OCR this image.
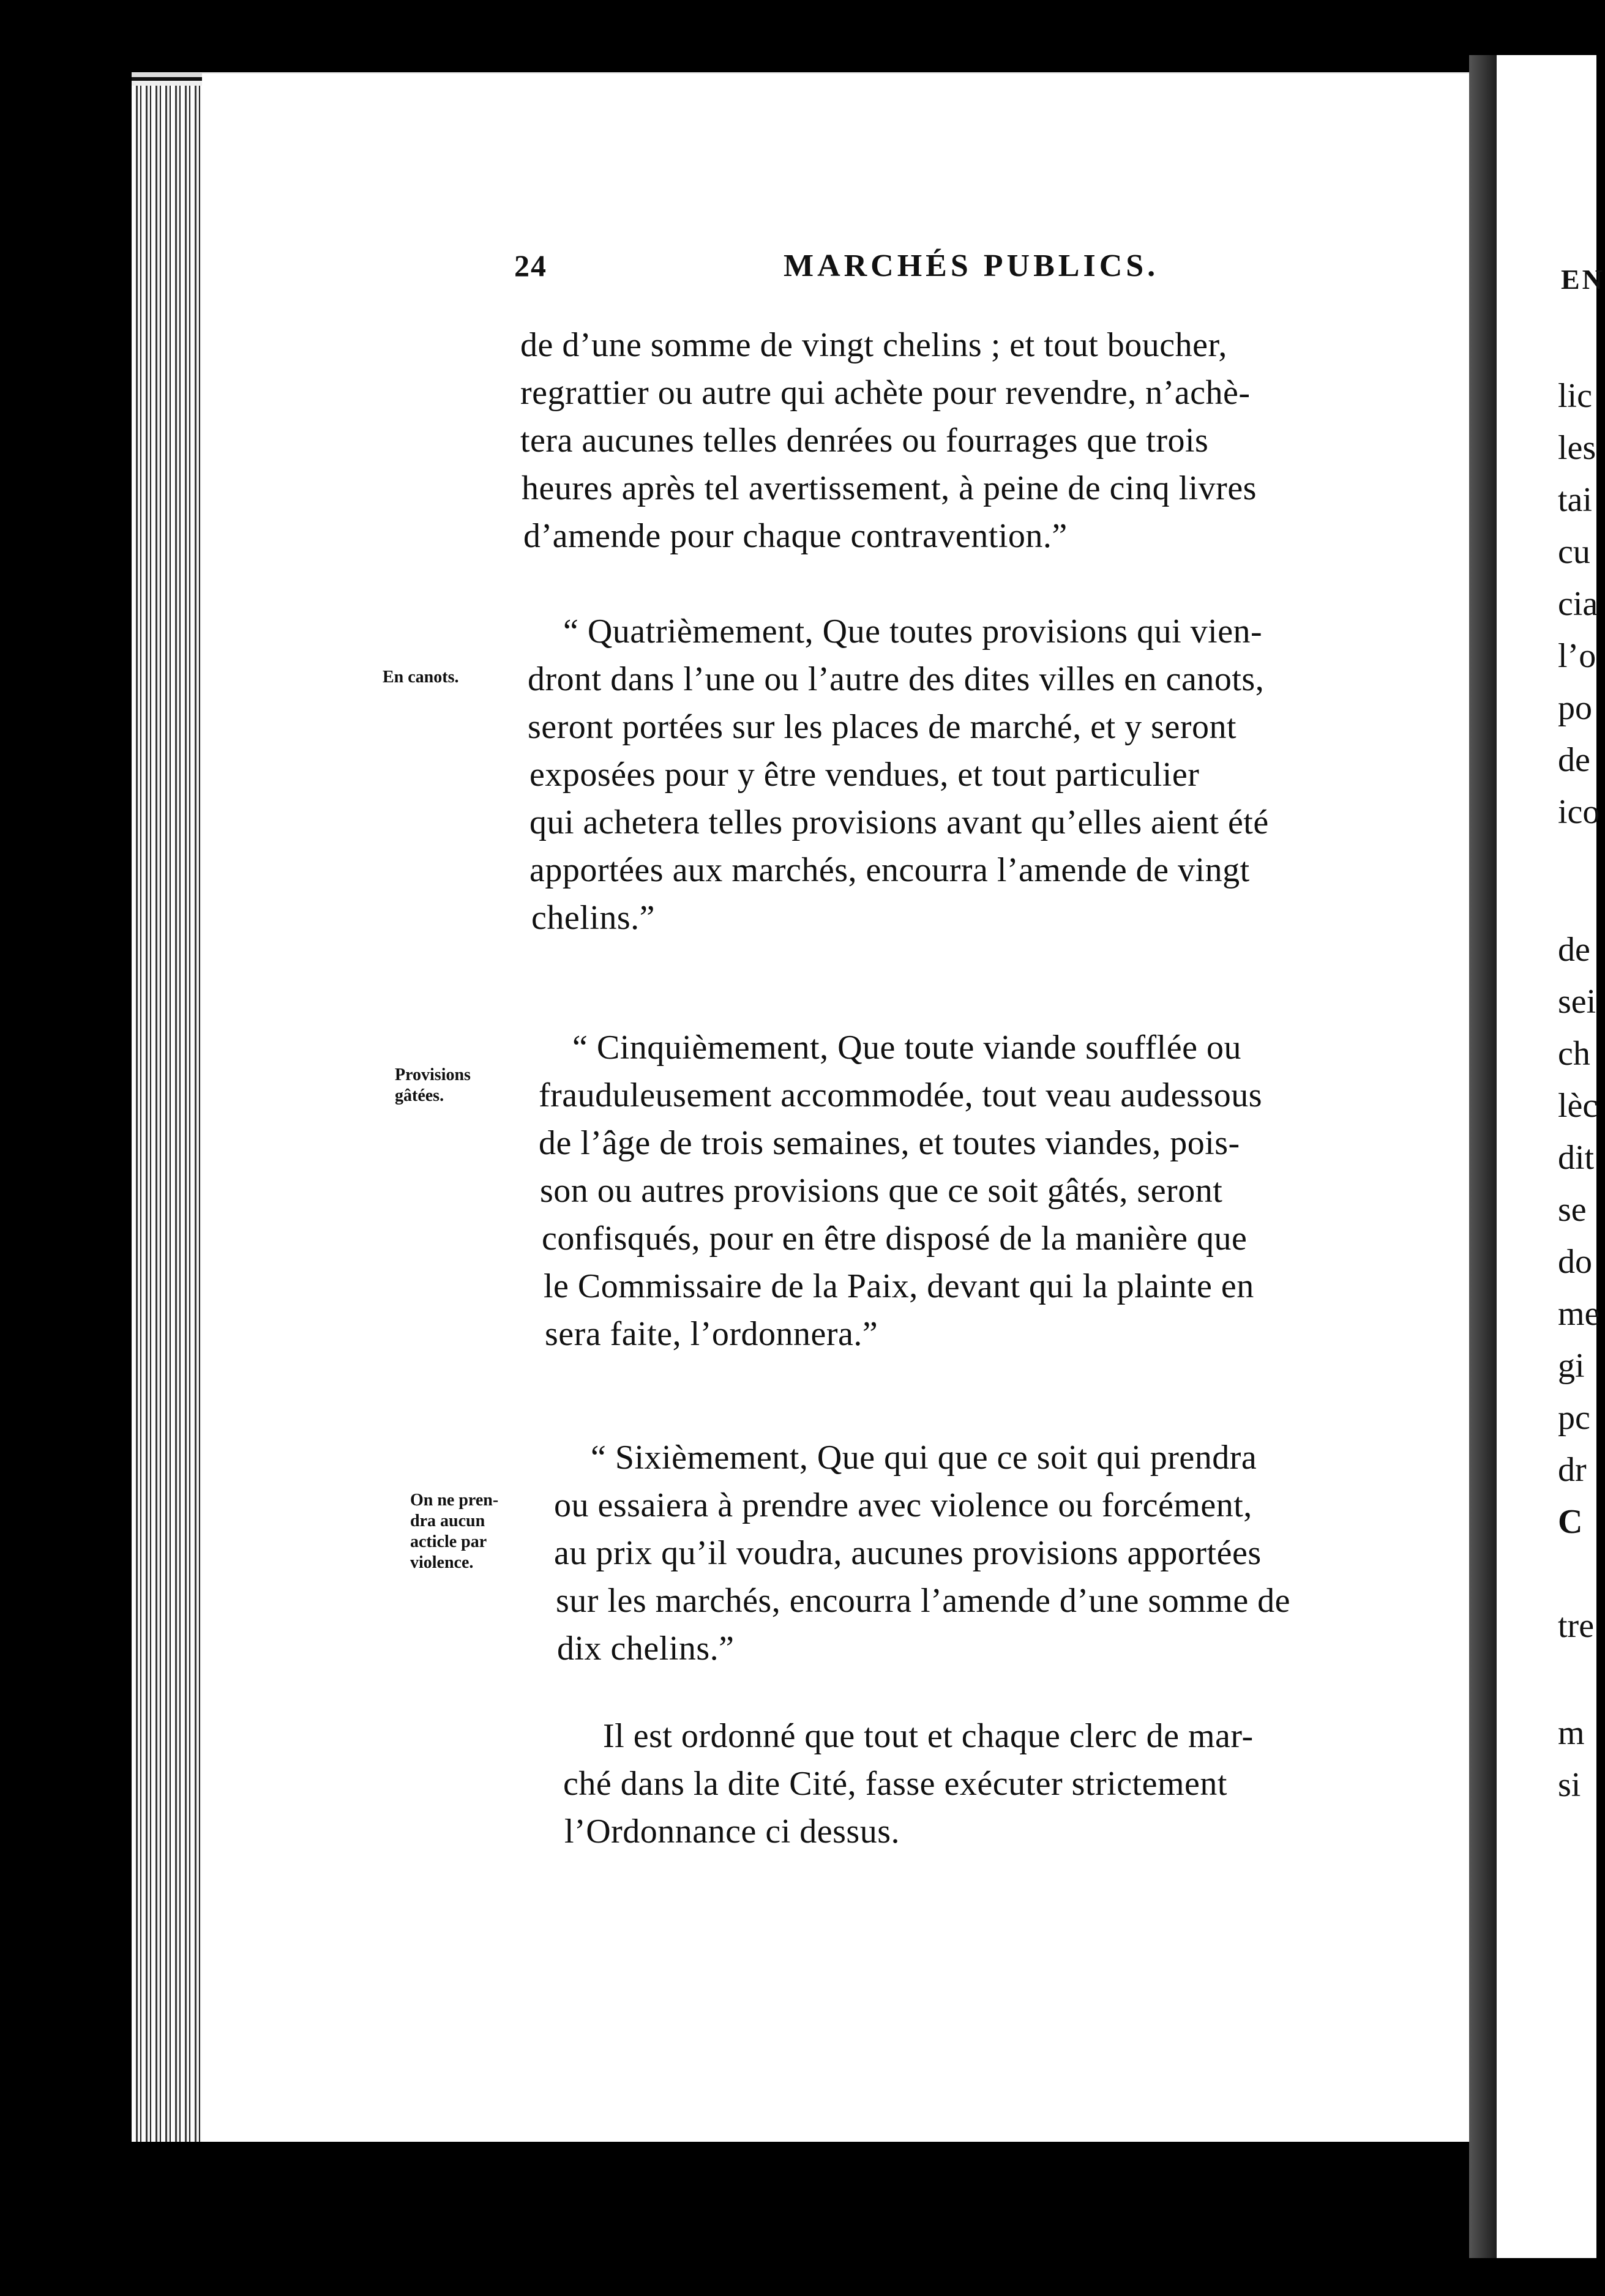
24	MARCHÉS PUBLICS.
de d’une somme de vingt chelins ; et tout boucher,
regrattier ou autre qui achète pour revendre, n’achè-
tera aucunes telles denrées ou fourrages que trois
heures après tel avertissement, à peine de cinq livres
d’amende pour chaque contravention.”
“ Quatrièmement, Que toutes provisions qui vien-
dront dans l’une ou l’autre des dites villes en canots,
seront portées sur les places de marché, et y seront
exposées pour y être vendues, et tout particulier
qui achetera telles provisions avant qu’elles aient été
apportées aux marchés, encourra l’amende de vingt
chelins.”
“ Cinquièmement, Que toute viande soufflée ou
frauduleusement accommodée, tout veau audessous
de l’âge de trois semaines, et toutes viandes, pois-
son ou autres provisions que ce soit gâtés, seront
confisqués, pour en être disposé de la manière que
le Commissaire de la Paix, devant qui la plainte en
sera faite, l’ordonnera.”
“ Sixièmement, Que qui que ce soit qui prendra
ou essaiera à prendre avec violence ou forcément,
au prix qu’il voudra, aucunes provisions apportées
sur les marchés, encourra l’amende d’une somme de
dix chelins.”
Il est ordonné que tout et chaque clerc de mar-
ché dans la dite Cité, fasse exécuter strictement
l’Ordonnance ci dessus.
En canots.
Provisions
gâtées.
On ne pren-
dra aucun
acticle par
violence.
EN
lic
les
tai
cu
cia
l’o
po
de
ico
de
sei
ch
lèc
dit
se
do
me
gi
pc
dr
C
tre
m
si
